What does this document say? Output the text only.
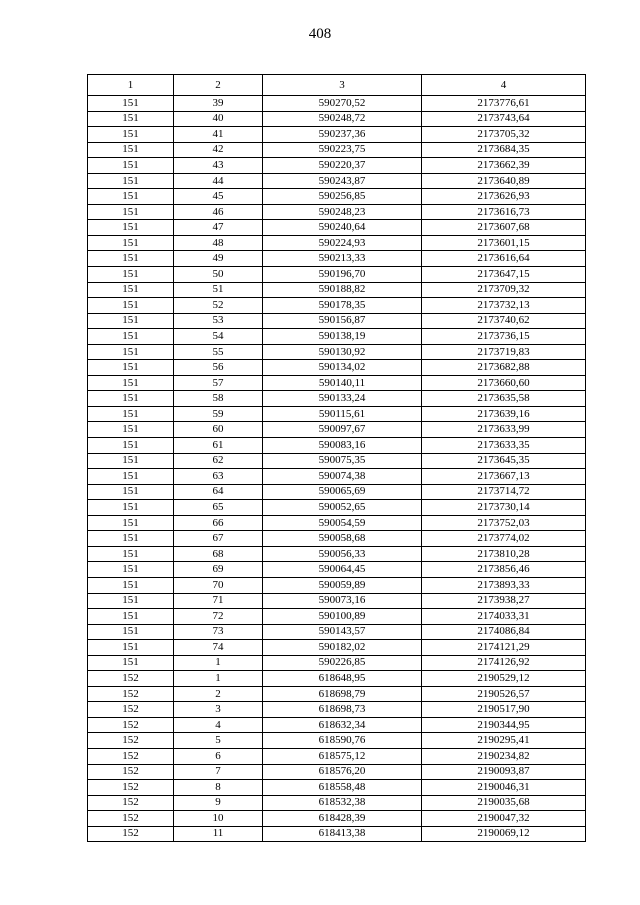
408
1	2	3	4
151	39	590270,52	2173776,61
151	40	590248,72	2173743,64
151	41	590237,36	2173705,32
151	42	590223,75	2173684,35
151	43	590220,37	2173662,39
151	44	590243,87	2173640,89
151	45	590256,85	2173626,93
151	46	590248,23	2173616,73
151	47	590240,64	2173607,68
151	48	590224,93	2173601,15
151	49	590213,33	2173616,64
151	50	590196,70	2173647,15
151	51	590188,82	2173709,32
151	52	590178,35	2173732,13
151	53	590156,87	2173740,62
151	54	590138,19	2173736,15
151	55	590130,92	2173719,83
151	56	590134,02	2173682,88
151	57	590140,11	2173660,60
151	58	590133,24	2173635,58
151	59	590115,61	2173639,16
151	60	590097,67	2173633,99
151	61	590083,16	2173633,35
151	62	590075,35	2173645,35
151	63	590074,38	2173667,13
151	64	590065,69	2173714,72
151	65	590052,65	2173730,14
151	66	590054,59	2173752,03
151	67	590058,68	2173774,02
151	68	590056,33	2173810,28
151	69	590064,45	2173856,46
151	70	590059,89	2173893,33
151	71	590073,16	2173938,27
151	72	590100,89	2174033,31
151	73	590143,57	2174086,84
151	74	590182,02	2174121,29
151	1	590226,85	2174126,92
152	1	618648,95	2190529,12
152	2	618698,79	2190526,57
152	3	618698,73	2190517,90
152	4	618632,34	2190344,95
152	5	618590,76	2190295,41
152	6	618575,12	2190234,82
152	7	618576,20	2190093,87
152	8	618558,48	2190046,31
152	9	618532,38	2190035,68
152	10	618428,39	2190047,32
152	11	618413,38	2190069,12
